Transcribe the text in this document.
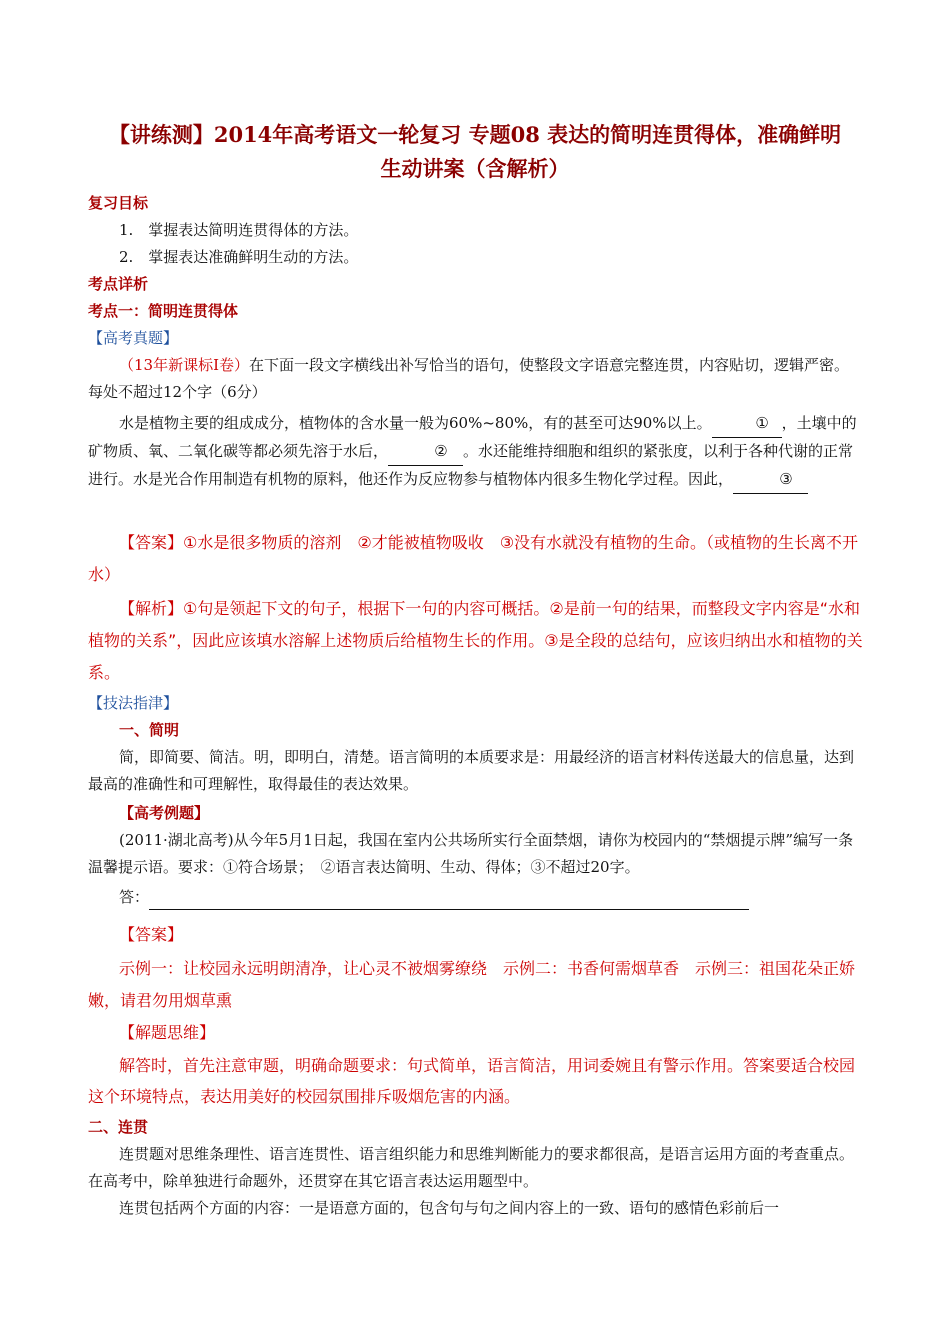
【讲练测】2014年高考语文一轮复习 专题08 表达的简明连贯得体，准确鲜明
生动讲案（含解析）
复习目标
1.　掌握表达简明连贯得体的方法。
2.　掌握表达准确鲜明生动的方法。
考点详析
考点一：简明连贯得体
【高考真题】
（13年新课标Ⅰ卷）在下面一段文字横线出补写恰当的语句，使整段文字语意完整连贯，内容贴切，逻辑严密。每处不超过12个字（6分）
水是植物主要的组成成分，植物体的含水量一般为60%~80%，有的甚至可达90%以上。	① ，土壤中的矿物质、氧、二氧化碳等都必须先溶于水后，	② 。水还能维持细胞和组织的紧张度，以利于各种代谢的正常进行。水是光合作用制造有机物的原料，他还作为反应物参与植物体内很多生物化学过程。因此，	③
【答案】①水是很多物质的溶剂　②才能被植物吸收　③没有水就没有植物的生命。（或植物的生长离不开水）
【解析】①句是领起下文的句子，根据下一句的内容可概括。②是前一句的结果，而整段文字内容是“水和植物的关系”，因此应该填水溶解上述物质后给植物生长的作用。③是全段的总结句，应该归纳出水和植物的关系。
【技法指津】
一、简明
简，即简要、简洁。明，即明白，清楚。语言简明的本质要求是：用最经济的语言材料传送最大的信息量，达到最高的准确性和可理解性，取得最佳的表达效果。
【高考例题】
(2011·湖北高考)从今年5月1日起，我国在室内公共场所实行全面禁烟，请你为校园内的“禁烟提示牌”编写一条温馨提示语。要求：①符合场景；　②语言表达简明、生动、得体；③不超过20字。
答：
【答案】
示例一：让校园永远明朗清净，让心灵不被烟雾缭绕　示例二：书香何需烟草香　示例三：祖国花朵正娇嫩，请君勿用烟草熏
【解题思维】
解答时，首先注意审题，明确命题要求：句式简单，语言简洁，用词委婉且有警示作用。答案要适合校园这个环境特点，表达用美好的校园氛围排斥吸烟危害的内涵。
二、连贯
连贯题对思维条理性、语言连贯性、语言组织能力和思维判断能力的要求都很高，是语言运用方面的考查重点。在高考中，除单独进行命题外，还贯穿在其它语言表达运用题型中。
连贯包括两个方面的内容：一是语意方面的，包含句与句之间内容上的一致、语句的感情色彩前后一
